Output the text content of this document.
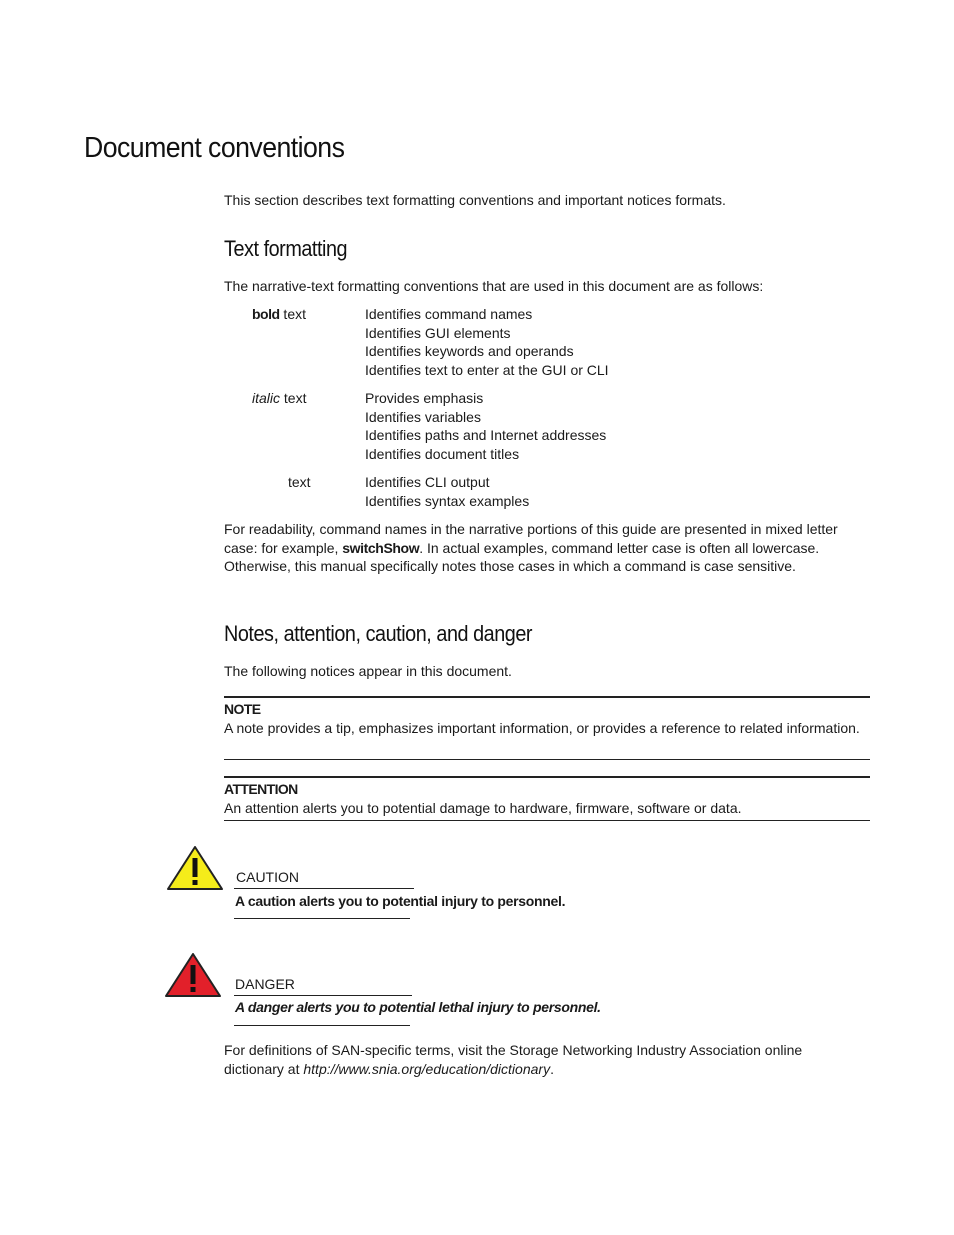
Document conventions

This section describes text formatting conventions and important notices formats.

Text formatting

The narrative-text formatting conventions that are used in this document are as follows:

bold text	Identifies command names
Identifies GUI elements
Identifies keywords and operands
Identifies text to enter at the GUI or CLI
italic text	Provides emphasis
Identifies variables
Identifies paths and Internet addresses
Identifies document titles
text	Identifies CLI output
Identifies syntax examples

For readability, command names in the narrative portions of this guide are presented in mixed letter case: for example, switchShow. In actual examples, command letter case is often all lowercase. Otherwise, this manual specifically notes those cases in which a command is case sensitive.

Notes, attention, caution, and danger

The following notices appear in this document.

NOTE
A note provides a tip, emphasizes important information, or provides a reference to related information.
ATTENTION
An attention alerts you to potential damage to hardware, firmware, software or data.
CAUTION
A caution alerts you to potential injury to personnel.
DANGER
A danger alerts you to potential lethal injury to personnel.

For definitions of SAN-specific terms, visit the Storage Networking Industry Association online dictionary at http://www.snia.org/education/dictionary.
